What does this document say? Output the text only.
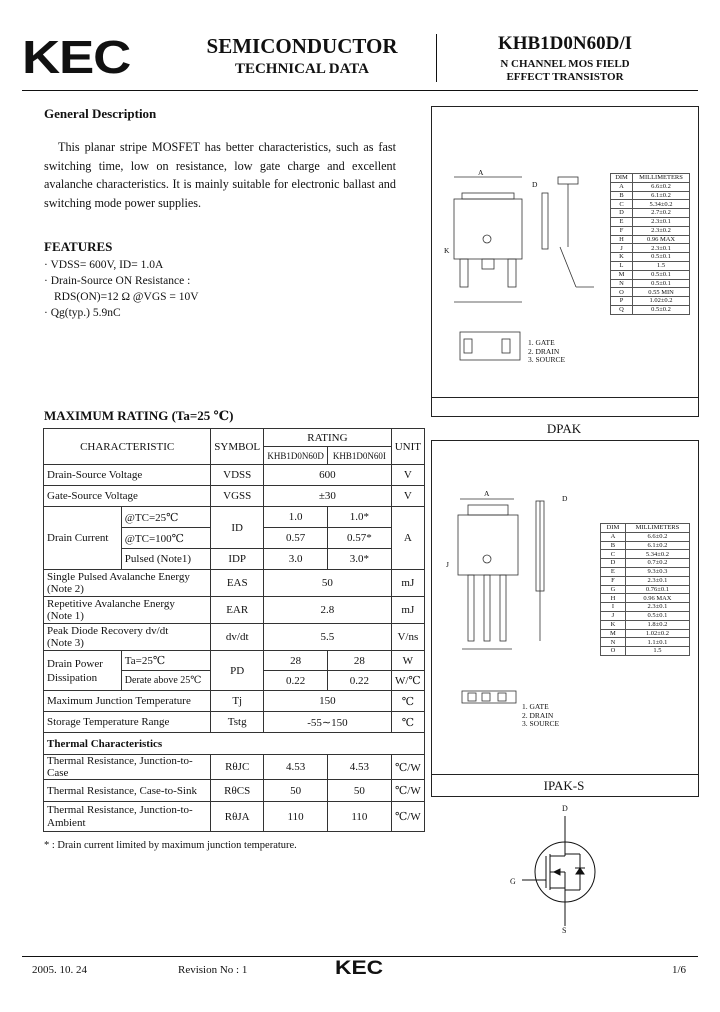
KEC	SEMICONDUCTOR
TECHNICAL DATA
KHB1D0N60D/I
N CHANNEL MOS FIELD
EFFECT TRANSISTOR
General Description
This planar stripe MOSFET has better characteristics, such as fast switching time, low on resistance, low gate charge and excellent avalanche characteristics. It is mainly suitable for electronic ballast and switching mode power supplies.
FEATURES
· VDSS= 600V, ID= 1.0A
· Drain-Source ON Resistance :
RDS(ON)=12 Ω @VGS = 10V
· Qg(typ.) 5.9nC
A
D
K
1. GATE
2. DRAIN
3. SOURCE
DIM	MILLIMETERS
A	6.6±0.2
B	6.1±0.2
C	5.34±0.2
D	2.7±0.2
E	2.3±0.1
F	2.3±0.2
H	0.96 MAX
J	2.3±0.1
K	0.5±0.1
L	1.5
M	0.5±0.1
N	0.5±0.1
O	0.55 MIN
P	1.02±0.2
Q	0.5±0.2
DPAK
A
D
J
1. GATE
2. DRAIN
3. SOURCE
DIM	MILLIMETERS
A	6.6±0.2
B	6.1±0.2
C	5.34±0.2
D	0.7±0.2
E	9.3±0.3
F	2.3±0.1
G	0.76±0.1
H	0.96 MAX
I	2.3±0.1
J	0.5±0.1
K	1.8±0.2
M	1.02±0.2
N	1.1±0.1
O	1.5
IPAK-S
D
G
S
MAXIMUM RATING (Ta=25 ℃)
CHARACTERISTIC		SYMBOL	RATING		UNIT
			KHB1D0N60D	KHB1D0N60I	
Drain-Source Voltage		VDSS	600		V
Gate-Source Voltage		VGSS	±30		V
Drain Current	@TC=25℃	ID	1.0	1.0*	A
	@TC=100℃		0.57	0.57*	
	Pulsed (Note1)	IDP	3.0	3.0*	
Single Pulsed Avalanche Energy
(Note 2)		EAS	50		mJ
Repetitive Avalanche Energy
(Note 1)		EAR	2.8		mJ
Peak Diode Recovery dv/dt
(Note 3)		dv/dt	5.5		V/ns
Drain Power
Dissipation	Ta=25℃	PD	28	28	W
	Derate above 25℃		0.22	0.22	W/℃
Maximum Junction Temperature		Tj	150		℃
Storage Temperature Range		Tstg	-55∼150		℃
Thermal Characteristics					
Thermal Resistance, Junction-to-Case		RθJC	4.53	4.53	℃/W
Thermal Resistance, Case-to-Sink		RθCS	50	50	℃/W
Thermal Resistance, Junction-to-
Ambient		RθJA	110	110	℃/W
* : Drain current limited by maximum junction temperature.
2005. 10. 24	Revision No : 1	KEC	1/6
